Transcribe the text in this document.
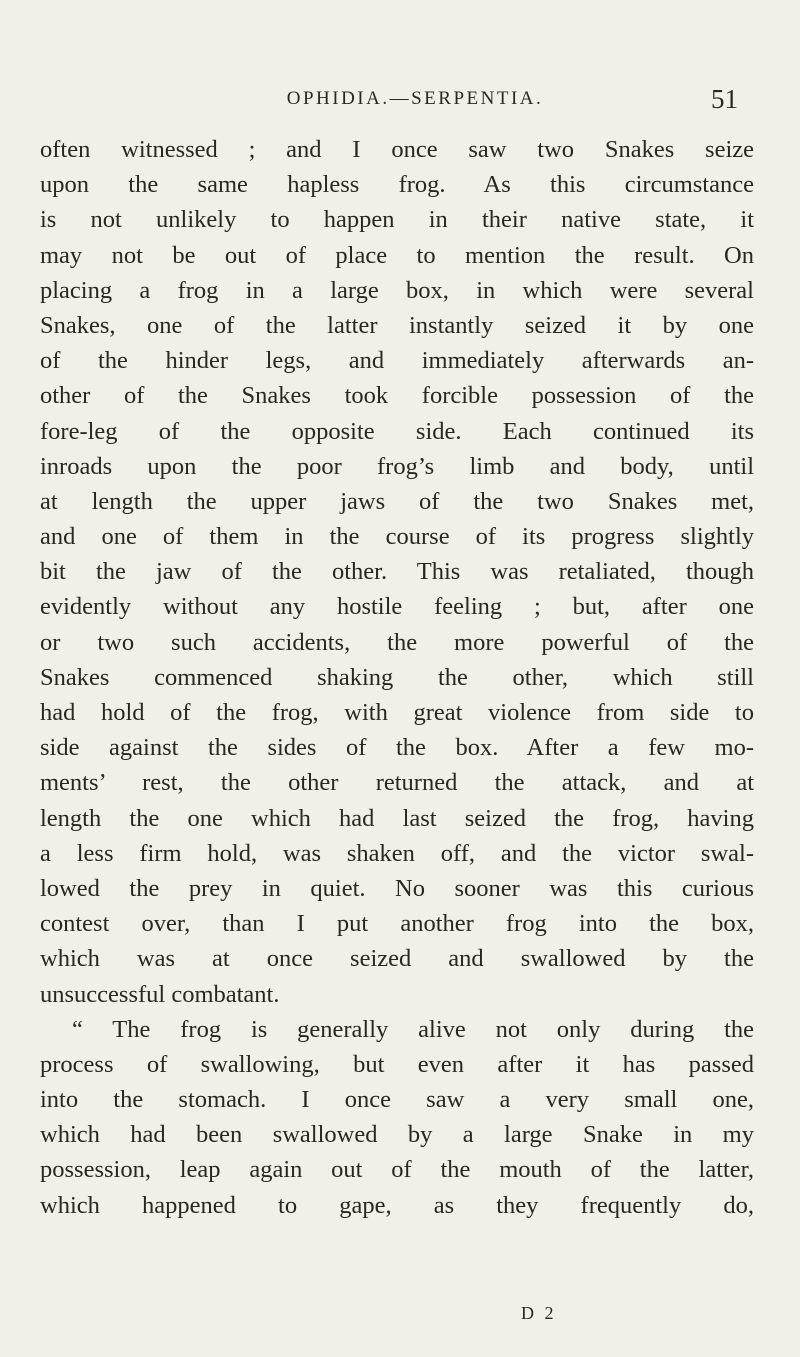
OPHIDIA.—SERPENTIA.	51
often witnessed ; and I once saw two Snakes seize
upon the same hapless frog. As this circumstance
is not unlikely to happen in their native state, it
may not be out of place to mention the result. On
placing a frog in a large box, in which were several
Snakes, one of the latter instantly seized it by one
of the hinder legs, and immediately afterwards an-
other of the Snakes took forcible possession of the
fore-leg of the opposite side. Each continued its
inroads upon the poor frog’s limb and body, until
at length the upper jaws of the two Snakes met,
and one of them in the course of its progress slightly
bit the jaw of the other. This was retaliated, though
evidently without any hostile feeling ; but, after one
or two such accidents, the more powerful of the
Snakes commenced shaking the other, which still
had hold of the frog, with great violence from side to
side against the sides of the box. After a few mo-
ments’ rest, the other returned the attack, and at
length the one which had last seized the frog, having
a less firm hold, was shaken off, and the victor swal-
lowed the prey in quiet. No sooner was this curious
contest over, than I put another frog into the box,
which was at once seized and swallowed by the
unsuccessful combatant.
“ The frog is generally alive not only during the
process of swallowing, but even after it has passed
into the stomach. I once saw a very small one,
which had been swallowed by a large Snake in my
possession, leap again out of the mouth of the latter,
which happened to gape, as they frequently do,
D 2
